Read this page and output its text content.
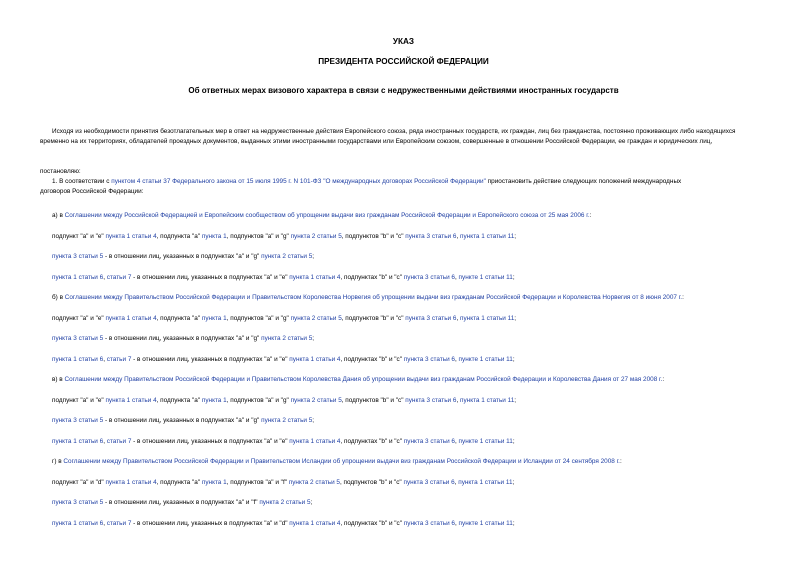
УКАЗ
ПРЕЗИДЕНТА РОССИЙСКОЙ ФЕДЕРАЦИИ
Об ответных мерах визового характера в связи с недружественными действиями иностранных государств
Исходя из необходимости принятия безотлагательных мер в ответ на недружественные действия Европейского союза, ряда иностранных государств, их граждан, лиц без гражданства, постоянно проживающих либо находящихся временно на их территориях, обладателей проездных документов, выданных этими иностранными государствами или Европейским союзом, совершенные в отношении Российской Федерации, ее граждан и юридических лиц,
постановляю:
1. В соответствии с пунктом 4 статьи 37 Федерального закона от 15 июля 1995 г. N 101-ФЗ "О международных договорах Российской Федерации" приостановить действие следующих положений международных
договоров Российской Федерации:
а) в Соглашении между Российской Федерацией и Европейским сообществом об упрощении выдачи виз гражданам Российской Федерации и Европейского союза от 25 мая 2006 г.:
подпункт "а" и "е" пункта 1 статьи 4, подпункта "а" пункта 1, подпунктов "а" и "g" пункта 2 статьи 5, подпунктов "b" и "c" пункта 3 статьи 6, пункта 1 статьи 11;
пункта 3 статьи 5 - в отношении лиц, указанных в подпунктах "а" и "g" пункта 2 статьи 5;
пункта 1 статьи 6, статьи 7 - в отношении лиц, указанных в подпунктах "а" и "е" пункта 1 статьи 4, подпунктах "b" и "c" пункта 3 статьи 6, пункте 1 статьи 11;
б) в Соглашении между Правительством Российской Федерации и Правительством Королевства Норвегия об упрощении выдачи виз гражданам Российской Федерации и Королевства Норвегия от 8 июня 2007 г.:
подпункт "а" и "е" пункта 1 статьи 4, подпункта "а" пункта 1, подпунктов "а" и "g" пункта 2 статьи 5, подпунктов "b" и "c" пункта 3 статьи 6, пункта 1 статьи 11;
пункта 3 статьи 5 - в отношении лиц, указанных в подпунктах "а" и "g" пункта 2 статьи 5;
пункта 1 статьи 6, статьи 7 - в отношении лиц, указанных в подпунктах "а" и "е" пункта 1 статьи 4, подпунктах "b" и "c" пункта 3 статьи 6, пункте 1 статьи 11;
в) в Соглашении между Правительством Российской Федерации и Правительством Королевства Дания об упрощении выдачи виз гражданам Российской Федерации и Королевства Дания от 27 мая 2008 г.:
подпункт "а" и "е" пункта 1 статьи 4, подпункта "а" пункта 1, подпунктов "а" и "g" пункта 2 статьи 5, подпунктов "b" и "c" пункта 3 статьи 6, пункта 1 статьи 11;
пункта 3 статьи 5 - в отношении лиц, указанных в подпунктах "а" и "g" пункта 2 статьи 5;
пункта 1 статьи 6, статьи 7 - в отношении лиц, указанных в подпунктах "а" и "е" пункта 1 статьи 4, подпунктах "b" и "c" пункта 3 статьи 6, пункте 1 статьи 11;
г) в Соглашении между Правительством Российской Федерации и Правительством Исландии об упрощении выдачи виз гражданам Российской Федерации и Исландии от 24 сентября 2008 г.:
подпункт "а" и "d" пункта 1 статьи 4, подпункта "а" пункта 1, подпунктов "а" и "f" пункта 2 статьи 5, подпунктов "b" и "c" пункта 3 статьи 6, пункта 1 статьи 11;
пункта 3 статьи 5 - в отношении лиц, указанных в подпунктах "а" и "f" пункта 2 статьи 5;
пункта 1 статьи 6, статьи 7 - в отношении лиц, указанных в подпунктах "а" и "d" пункта 1 статьи 4, подпунктах "b" и "c" пункта 3 статьи 6, пункте 1 статьи 11;
